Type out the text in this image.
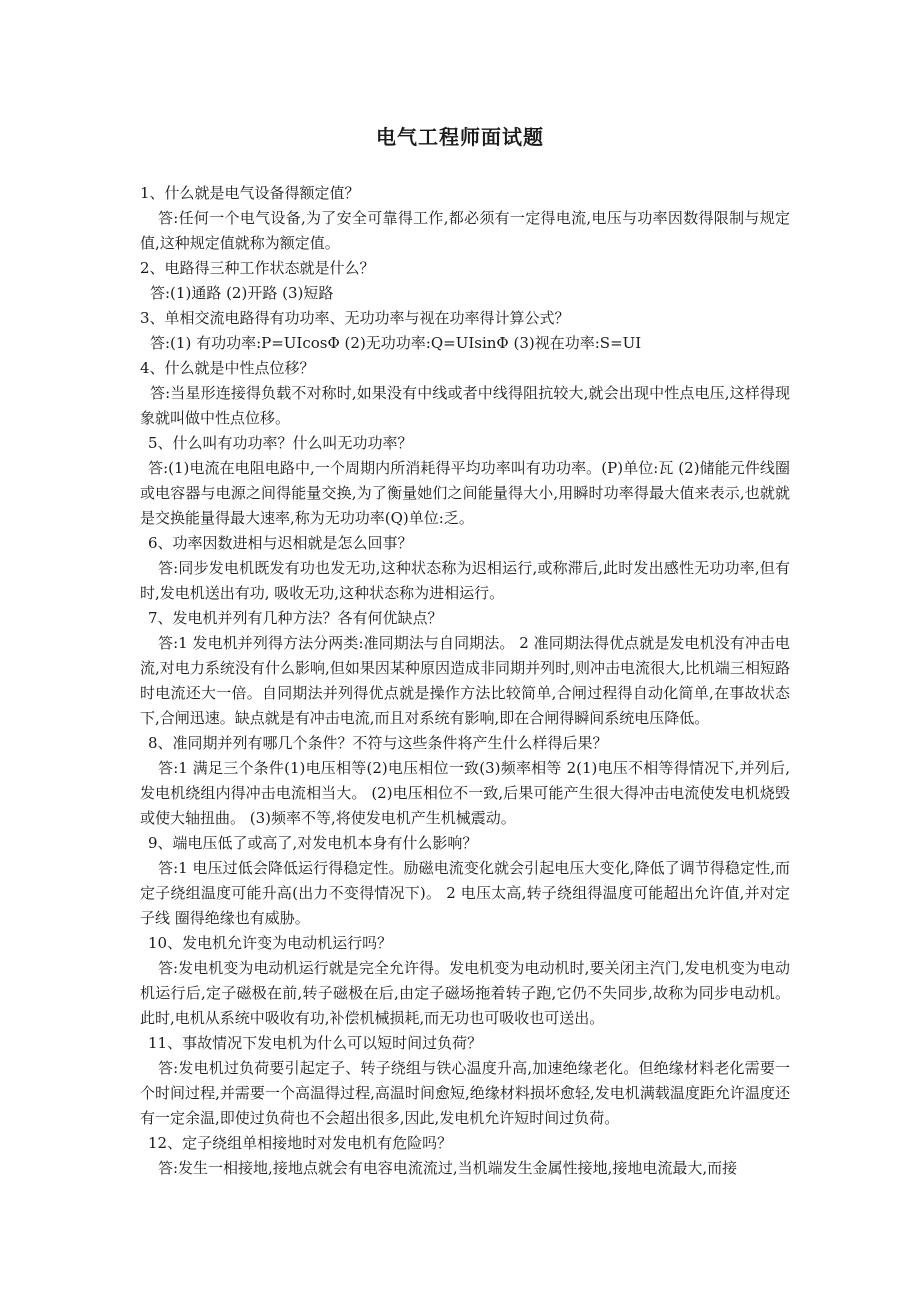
电气工程师面试题

1、什么就是电气设备得额定值？

答:任何一个电气设备,为了安全可靠得工作,都必须有一定得电流,电压与功率因数得限制与规定值,这种规定值就称为额定值。

2、电路得三种工作状态就是什么？

答:(1)通路 (2)开路 (3)短路

3、单相交流电路得有功功率、无功功率与视在功率得计算公式？

答:(1) 有功功率:P=UIcosΦ (2)无功功率:Q=UIsinΦ (3)视在功率:S=UI

4、什么就是中性点位移？

答:当星形连接得负载不对称时,如果没有中线或者中线得阻抗较大,就会出现中性点电压,这样得现象就叫做中性点位移。

5、什么叫有功功率？什么叫无功功率？

答:(1)电流在电阻电路中,一个周期内所消耗得平均功率叫有功功率。(P)单位:瓦 (2)储能元件线圈或电容器与电源之间得能量交换,为了衡量她们之间能量得大小,用瞬时功率得最大值来表示,也就就是交换能量得最大速率,称为无功功率(Q)单位:乏。

6、功率因数进相与迟相就是怎么回事？

答:同步发电机既发有功也发无功,这种状态称为迟相运行,或称滞后,此时发出感性无功功率,但有时,发电机送出有功, 吸收无功,这种状态称为进相运行。

7、发电机并列有几种方法？各有何优缺点？

答:1 发电机并列得方法分两类:准同期法与自同期法。 2 准同期法得优点就是发电机没有冲击电流,对电力系统没有什么影响,但如果因某种原因造成非同期并列时,则冲击电流很大,比机端三相短路时电流还大一倍。自同期法并列得优点就是操作方法比较简单,合闸过程得自动化简单,在事故状态下,合闸迅速。缺点就是有冲击电流,而且对系统有影响,即在合闸得瞬间系统电压降低。

8、准同期并列有哪几个条件？不符与这些条件将产生什么样得后果？

答:1 满足三个条件(1)电压相等(2)电压相位一致(3)频率相等 2(1)电压不相等得情况下,并列后,发电机绕组内得冲击电流相当大。 (2)电压相位不一致,后果可能产生很大得冲击电流使发电机烧毁或使大轴扭曲。 (3)频率不等,将使发电机产生机械震动。

9、端电压低了或高了,对发电机本身有什么影响？

答:1 电压过低会降低运行得稳定性。励磁电流变化就会引起电压大变化,降低了调节得稳定性,而定子绕组温度可能升高(出力不变得情况下)。 2 电压太高,转子绕组得温度可能超出允许值,并对定子线 圈得绝缘也有威胁。

10、发电机允许变为电动机运行吗？

答:发电机变为电动机运行就是完全允许得。发电机变为电动机时,要关闭主汽门,发电机变为电动机运行后,定子磁极在前,转子磁极在后,由定子磁场拖着转子跑,它仍不失同步,故称为同步电动机。此时,电机从系统中吸收有功,补偿机械损耗,而无功也可吸收也可送出。

11、事故情况下发电机为什么可以短时间过负荷？

答:发电机过负荷要引起定子、转子绕组与铁心温度升高,加速绝缘老化。但绝缘材料老化需要一个时间过程,并需要一个高温得过程,高温时间愈短,绝缘材料损坏愈轻,发电机满载温度距允许温度还有一定余温,即使过负荷也不会超出很多,因此,发电机允许短时间过负荷。

12、定子绕组单相接地时对发电机有危险吗？

答:发生一相接地,接地点就会有电容电流流过,当机端发生金属性接地,接地电流最大,而接
